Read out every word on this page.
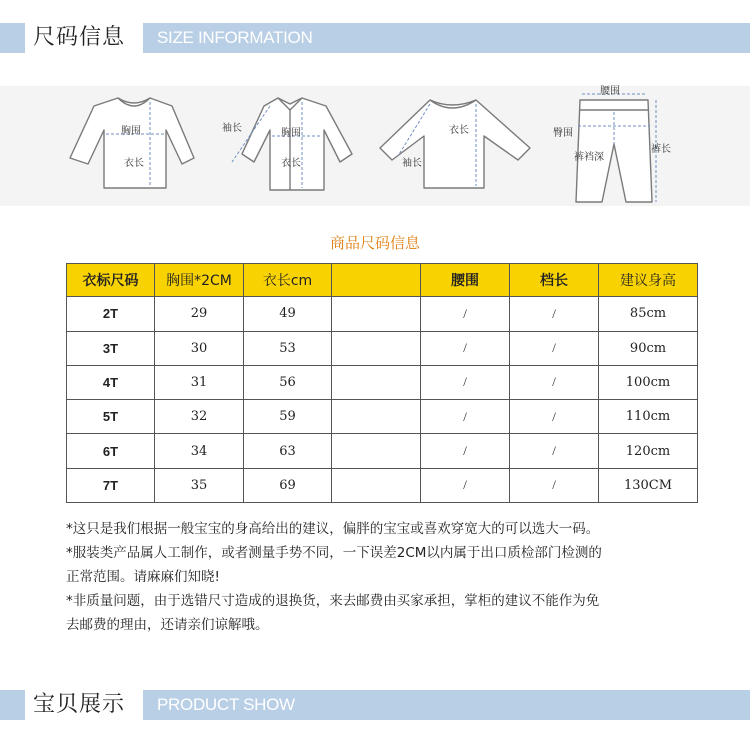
尺码信息 SIZE INFORMATION
胸围
衣长
袖长	胸围
衣长
衣长
袖长
腰围
臀围
裤裆深
裤长
商品尺码信息
衣标尺码	胸围*2CM	衣长cm		腰围	档长	建议身高
2T	29	49		/	/	85cm
3T	30	53		/	/	90cm
4T	31	56		/	/	100cm
5T	32	59		/	/	110cm
6T	34	63		/	/	120cm
7T	35	69		/	/	130CM

*这只是我们根据一般宝宝的身高给出的建议，偏胖的宝宝或喜欢穿宽大的可以选大一码。

*服装类产品属人工制作，或者测量手势不同，一下误差2CM以内属于出口质检部门检测的

正常范围。请麻麻们知晓!

*非质量问题，由于选错尺寸造成的退换货，来去邮费由买家承担，掌柜的建议不能作为免

去邮费的理由，还请亲们谅解哦。

宝贝展示 PRODUCT SHOW
